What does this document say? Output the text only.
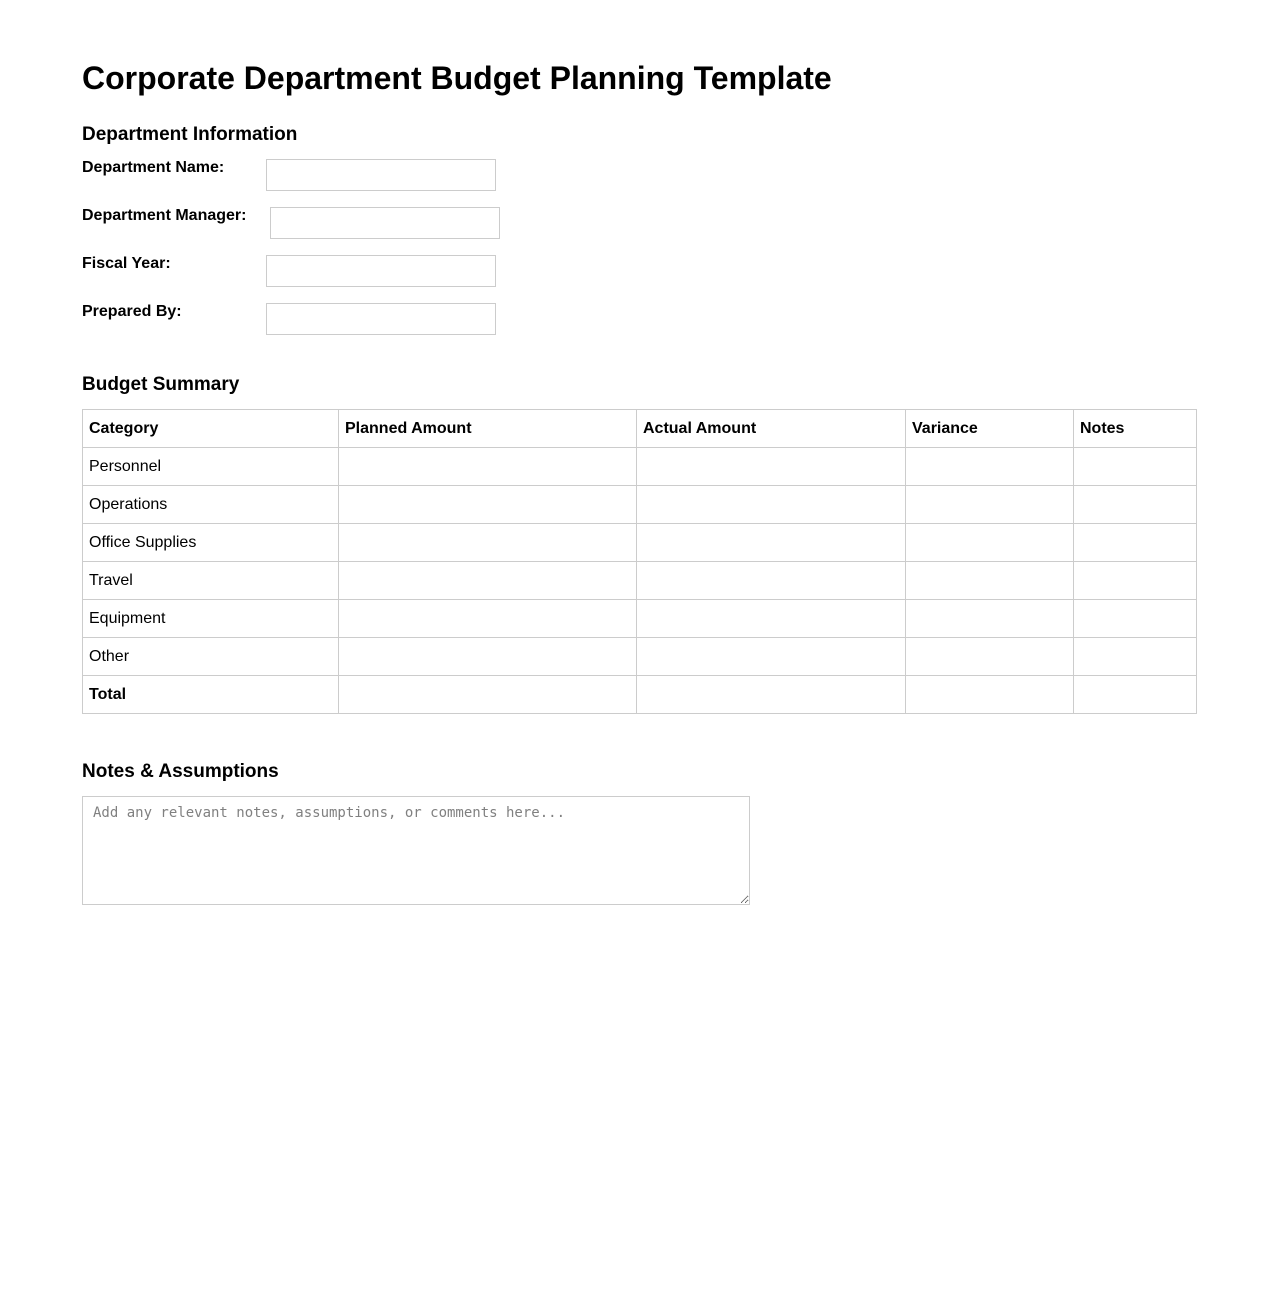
Corporate Department Budget Planning Template
Department Information
Department Name:
Department Manager:
Fiscal Year:
Prepared By:
Budget Summary
Category	Planned Amount	Actual Amount	Variance	Notes
Personnel				
Operations				
Office Supplies				
Travel				
Equipment				
Other				
Total				
Notes & Assumptions
Add any relevant notes, assumptions, or comments here...
